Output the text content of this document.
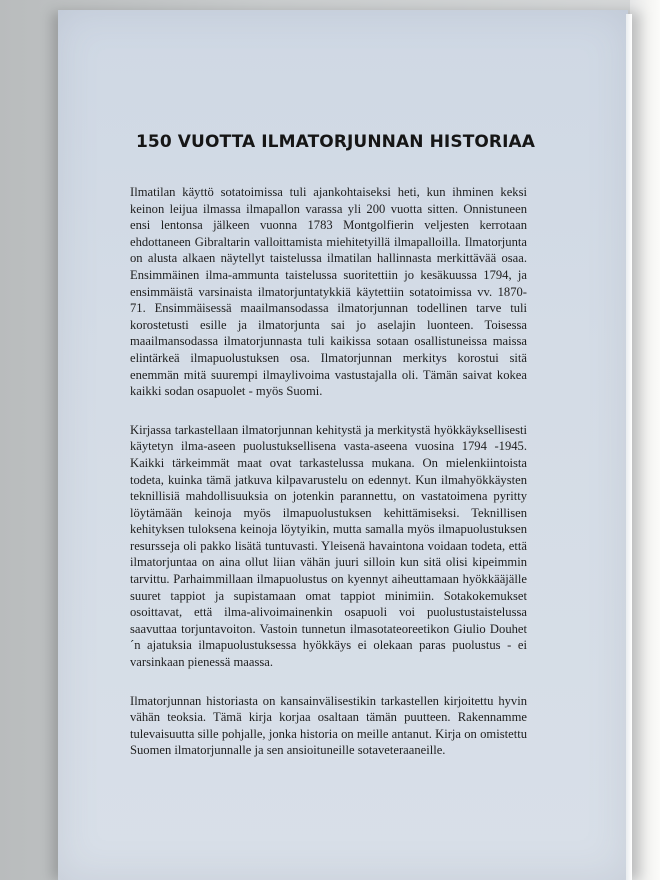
150 VUOTTA ILMATORJUNNAN HISTORIAA

Ilmatilan käyttö sotatoimissa tuli ajankohtaiseksi heti, kun ihminen keksi keinon leijua ilmassa ilmapallon varassa yli 200 vuotta sitten. Onnistuneen ensi lentonsa jälkeen vuonna 1783 Montgolfierin veljesten kerrotaan ehdottaneen Gibraltarin valloittamista miehitetyillä ilmapalloilla. Ilmatorjunta on alusta alkaen näytellyt taistelussa ilmatilan hallinnasta merkittävää osaa. Ensimmäinen ilma-ammunta taistelussa suoritettiin jo kesäkuussa 1794, ja ensimmäistä varsinaista ilmatorjuntatykkiä käytettiin sotatoimissa vv. 1870-71. Ensimmäisessä maailmansodassa ilmatorjunnan todellinen tarve tuli korostetusti esille ja ilmatorjunta sai jo aselajin luonteen. Toisessa maailmansodassa ilmatorjunnasta tuli kaikissa sotaan osallistuneissa maissa elintärkeä ilmapuolustuksen osa. Ilmatorjunnan merkitys korostui sitä enemmän mitä suurempi ilmaylivoima vastustajalla oli. Tämän saivat kokea kaikki sodan osapuolet - myös Suomi.

Kirjassa tarkastellaan ilmatorjunnan kehitystä ja merkitystä hyökkäyksellisesti käytetyn ilma-aseen puolustuksellisena vasta-aseena vuosina 1794 -1945. Kaikki tärkeimmät maat ovat tarkastelussa mukana. On mielenkiintoista todeta, kuinka tämä jatkuva kilpavarustelu on edennyt. Kun ilmahyökkäysten teknillisiä mahdollisuuksia on jotenkin parannettu, on vastatoimena pyritty löytämään keinoja myös ilmapuolustuksen kehittämiseksi. Teknillisen kehityksen tuloksena keinoja löytyikin, mutta samalla myös ilmapuolustuksen resursseja oli pakko lisätä tuntuvasti. Yleisenä havaintona voidaan todeta, että ilmatorjuntaa on aina ollut liian vähän juuri silloin kun sitä olisi kipeimmin tarvittu. Parhaimmillaan ilmapuolustus on kyennyt aiheuttamaan hyökkääjälle suuret tappiot ja supistamaan omat tappiot minimiin. Sotakokemukset osoittavat, että ilma-alivoimainenkin osapuoli voi puolustustaistelussa saavuttaa torjuntavoiton. Vastoin tunnetun ilmasotateoreetikon Giulio Douhet´n ajatuksia ilmapuolustuksessa hyökkäys ei olekaan paras puolustus - ei varsinkaan pienessä maassa.

Ilmatorjunnan historiasta on kansainvälisestikin tarkastellen kirjoitettu hyvin vähän teoksia. Tämä kirja korjaa osaltaan tämän puutteen. Rakennamme tulevaisuutta sille pohjalle, jonka historia on meille antanut. Kirja on omistettu Suomen ilmatorjunnalle ja sen ansioituneille sotaveteraaneille.
